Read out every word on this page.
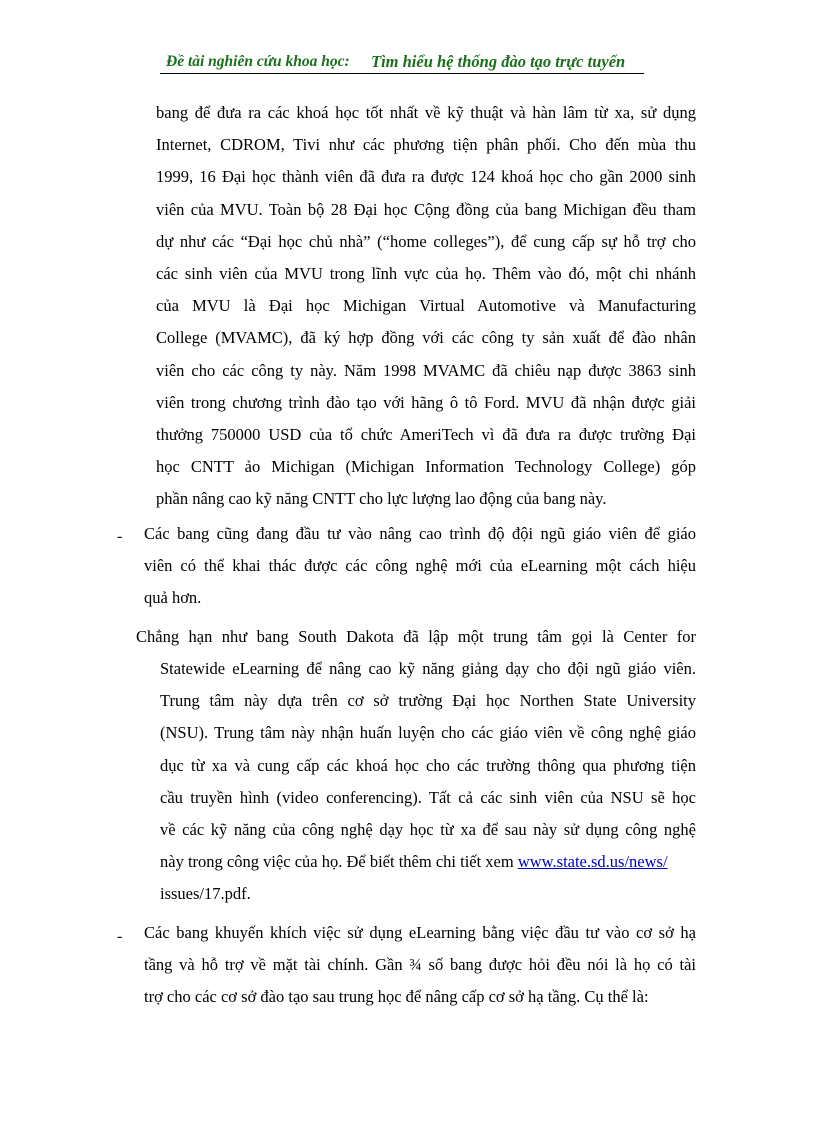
Đề tài nghiên cứu khoa học: Tìm hiểu hệ thống đào tạo trực tuyến
bang để đưa ra các khoá học tốt nhất về kỹ thuật và hàn lâm từ xa, sử dụng
Internet, CDROM, Tivi như các phương tiện phân phối. Cho đến mùa thu
1999, 16 Đại học thành viên đã đưa ra được 124 khoá học cho gần 2000 sinh
viên của MVU. Toàn bộ 28 Đại học Cộng đồng của bang Michigan đều tham
dự như các “Đại học chủ nhà” (“home colleges”), để cung cấp sự hỗ trợ cho
các sinh viên của MVU trong lĩnh vực của họ. Thêm vào đó, một chi nhánh
của MVU là Đại học Michigan Virtual Automotive và Manufacturing
College (MVAMC), đã ký hợp đồng với các công ty sản xuất để đào nhân
viên cho các công ty này. Năm 1998 MVAMC đã chiêu nạp được 3863 sinh
viên trong chương trình đào tạo với hãng ô tô Ford. MVU đã nhận được giải
thưởng 750000 USD của tổ chức AmeriTech vì đã đưa ra được trường Đại
học CNTT ảo Michigan (Michigan Information Technology College) góp
phần nâng cao kỹ năng CNTT cho lực lượng lao động của bang này.
- Các bang cũng đang đầu tư vào nâng cao trình độ đội ngũ giáo viên để giáo
viên có thể khai thác được các công nghệ mới của eLearning một cách hiệu
quả hơn.
Chẳng hạn như bang South Dakota đã lập một trung tâm gọi là Center for
Statewide eLearning để nâng cao kỹ năng giảng dạy cho đội ngũ giáo viên.
Trung tâm này dựa trên cơ sở trường Đại học Northen State University
(NSU). Trung tâm này nhận huấn luyện cho các giáo viên về công nghệ giáo
dục từ xa và cung cấp các khoá học cho các trường thông qua phương tiện
cầu truyền hình (video conferencing). Tất cả các sinh viên của NSU sẽ học
về các kỹ năng của công nghệ dạy học từ xa để sau này sử dụng công nghệ
này trong công việc của họ. Để biết thêm chi tiết xem www.state.sd.us/news/
issues/17.pdf.
- Các bang khuyến khích việc sử dụng eLearning bằng việc đầu tư vào cơ sở hạ
tầng và hỗ trợ về mặt tài chính. Gần ¾ số bang được hỏi đều nói là họ có tài
trợ cho các cơ sở đào tạo sau trung học để nâng cấp cơ sở hạ tầng. Cụ thể là:
